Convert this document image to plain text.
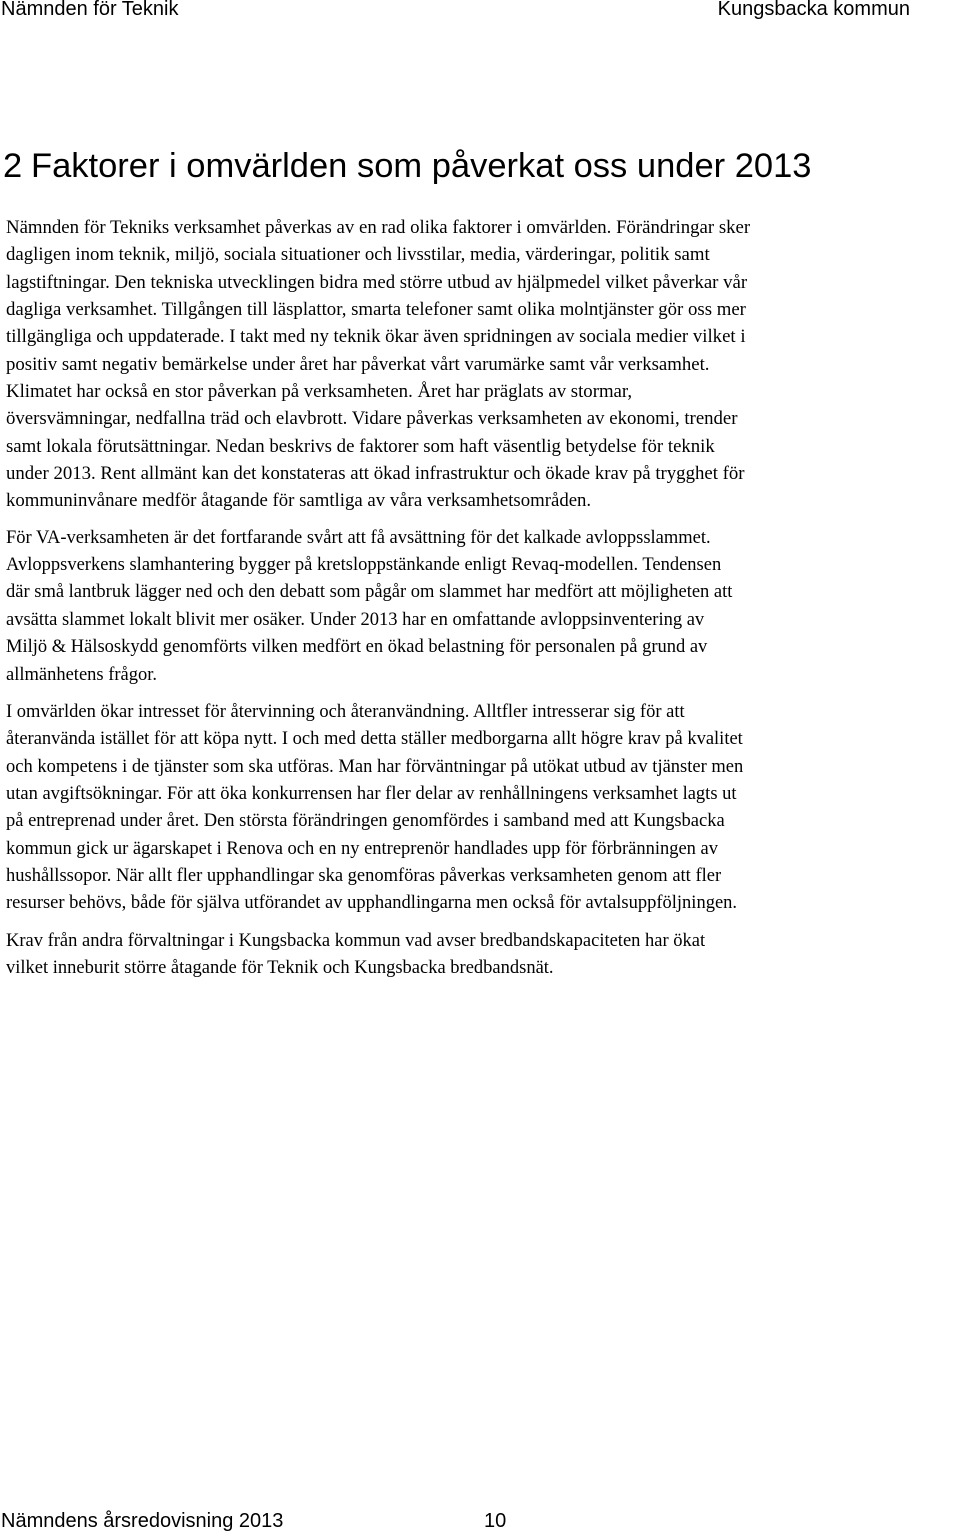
Nämnden för Teknik	Kungsbacka kommun
2 Faktorer i omvärlden som påverkat oss under 2013

Nämnden för Tekniks verksamhet påverkas av en rad olika faktorer i omvärlden. Förändringar sker
dagligen inom teknik, miljö, sociala situationer och livsstilar, media, värderingar, politik samt
lagstiftningar. Den tekniska utvecklingen bidra med större utbud av hjälpmedel vilket påverkar vår
dagliga verksamhet. Tillgången till läsplattor, smarta telefoner samt olika molntjänster gör oss mer
tillgängliga och uppdaterade. I takt med ny teknik ökar även spridningen av sociala medier vilket i
positiv samt negativ bemärkelse under året har påverkat vårt varumärke samt vår verksamhet.
Klimatet har också en stor påverkan på verksamheten. Året har präglats av stormar,
översvämningar, nedfallna träd och elavbrott. Vidare påverkas verksamheten av ekonomi, trender
samt lokala förutsättningar. Nedan beskrivs de faktorer som haft väsentlig betydelse för teknik
under 2013. Rent allmänt kan det konstateras att ökad infrastruktur och ökade krav på trygghet för
kommuninvånare medför åtagande för samtliga av våra verksamhetsområden.

För VA-verksamheten är det fortfarande svårt att få avsättning för det kalkade avloppsslammet.
Avloppsverkens slamhantering bygger på kretsloppstänkande enligt Revaq-modellen. Tendensen
där små lantbruk lägger ned och den debatt som pågår om slammet har medfört att möjligheten att
avsätta slammet lokalt blivit mer osäker. Under 2013 har en omfattande avloppsinventering av
Miljö & Hälsoskydd genomförts vilken medfört en ökad belastning för personalen på grund av
allmänhetens frågor.

I omvärlden ökar intresset för återvinning och återanvändning. Alltfler intresserar sig för att
återanvända istället för att köpa nytt. I och med detta ställer medborgarna allt högre krav på kvalitet
och kompetens i de tjänster som ska utföras. Man har förväntningar på utökat utbud av tjänster men
utan avgiftsökningar. För att öka konkurrensen har fler delar av renhållningens verksamhet lagts ut
på entreprenad under året. Den största förändringen genomfördes i samband med att Kungsbacka
kommun gick ur ägarskapet i Renova och en ny entreprenör handlades upp för förbränningen av
hushållssopor. När allt fler upphandlingar ska genomföras påverkas verksamheten genom att fler
resurser behövs, både för själva utförandet av upphandlingarna men också för avtalsuppföljningen.

Krav från andra förvaltningar i Kungsbacka kommun vad avser bredbandskapaciteten har ökat
vilket inneburit större åtagande för Teknik och Kungsbacka bredbandsnät.

Nämndens årsredovisning 2013	10
